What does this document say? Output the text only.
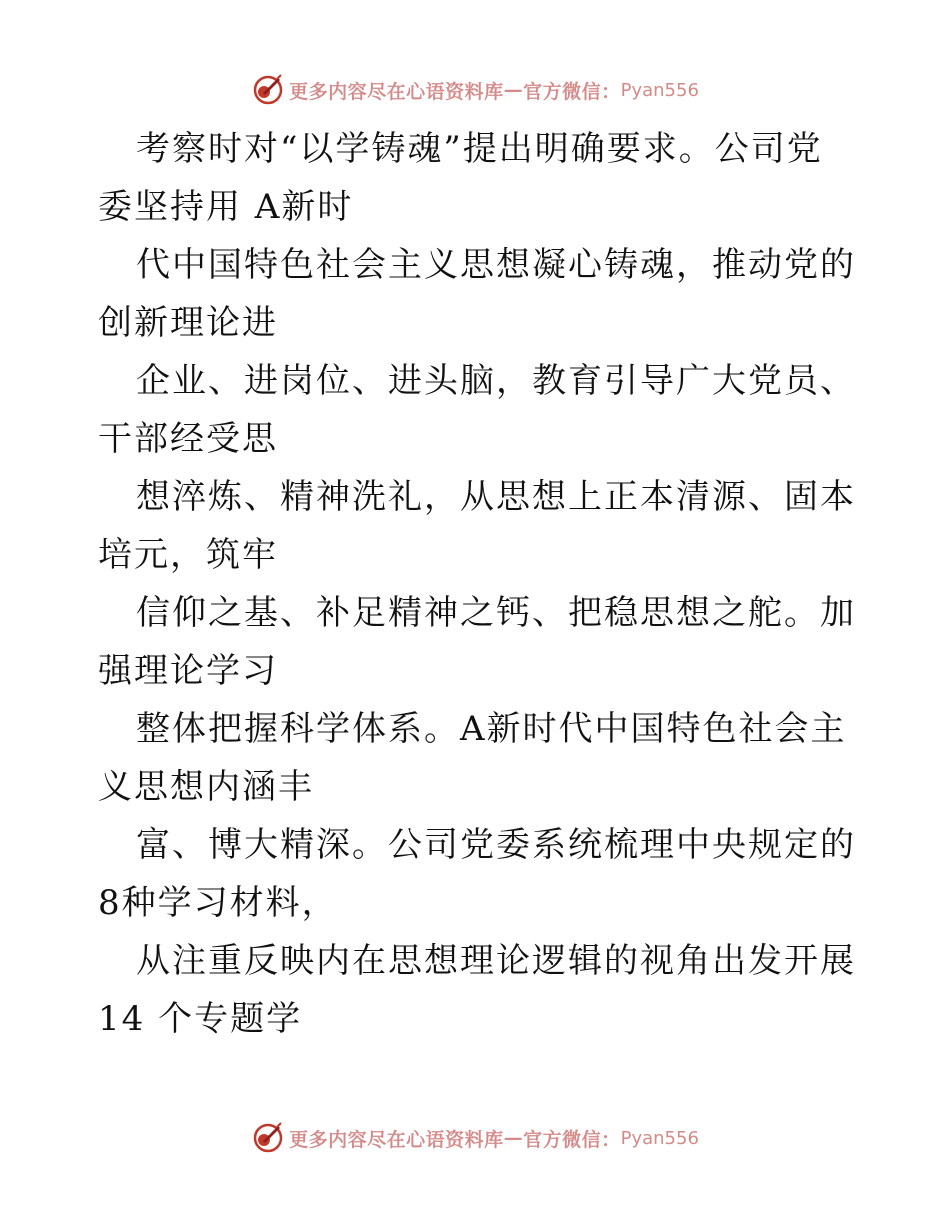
更多内容尽在心语资料库 — 官方微信： Pyan556

考察时对“以学铸魂”提出明确要求。公司党委坚持用 A新时

代中国特色社会主义思想凝心铸魂，推动党的创新理论进

企业、进岗位、进头脑，教育引导广大党员、干部经受思

想淬炼、精神洗礼，从思想上正本清源、固本培元，筑牢

信仰之基、补足精神之钙、把稳思想之舵。加强理论学习

整体把握科学体系。A新时代中国特色社会主义思想内涵丰

富、博大精深。公司党委系统梳理中央规定的 8种学习材料，

从注重反映内在思想理论逻辑的视角出发开展14 个专题学

更多内容尽在心语资料库 — 官方微信： Pyan556
